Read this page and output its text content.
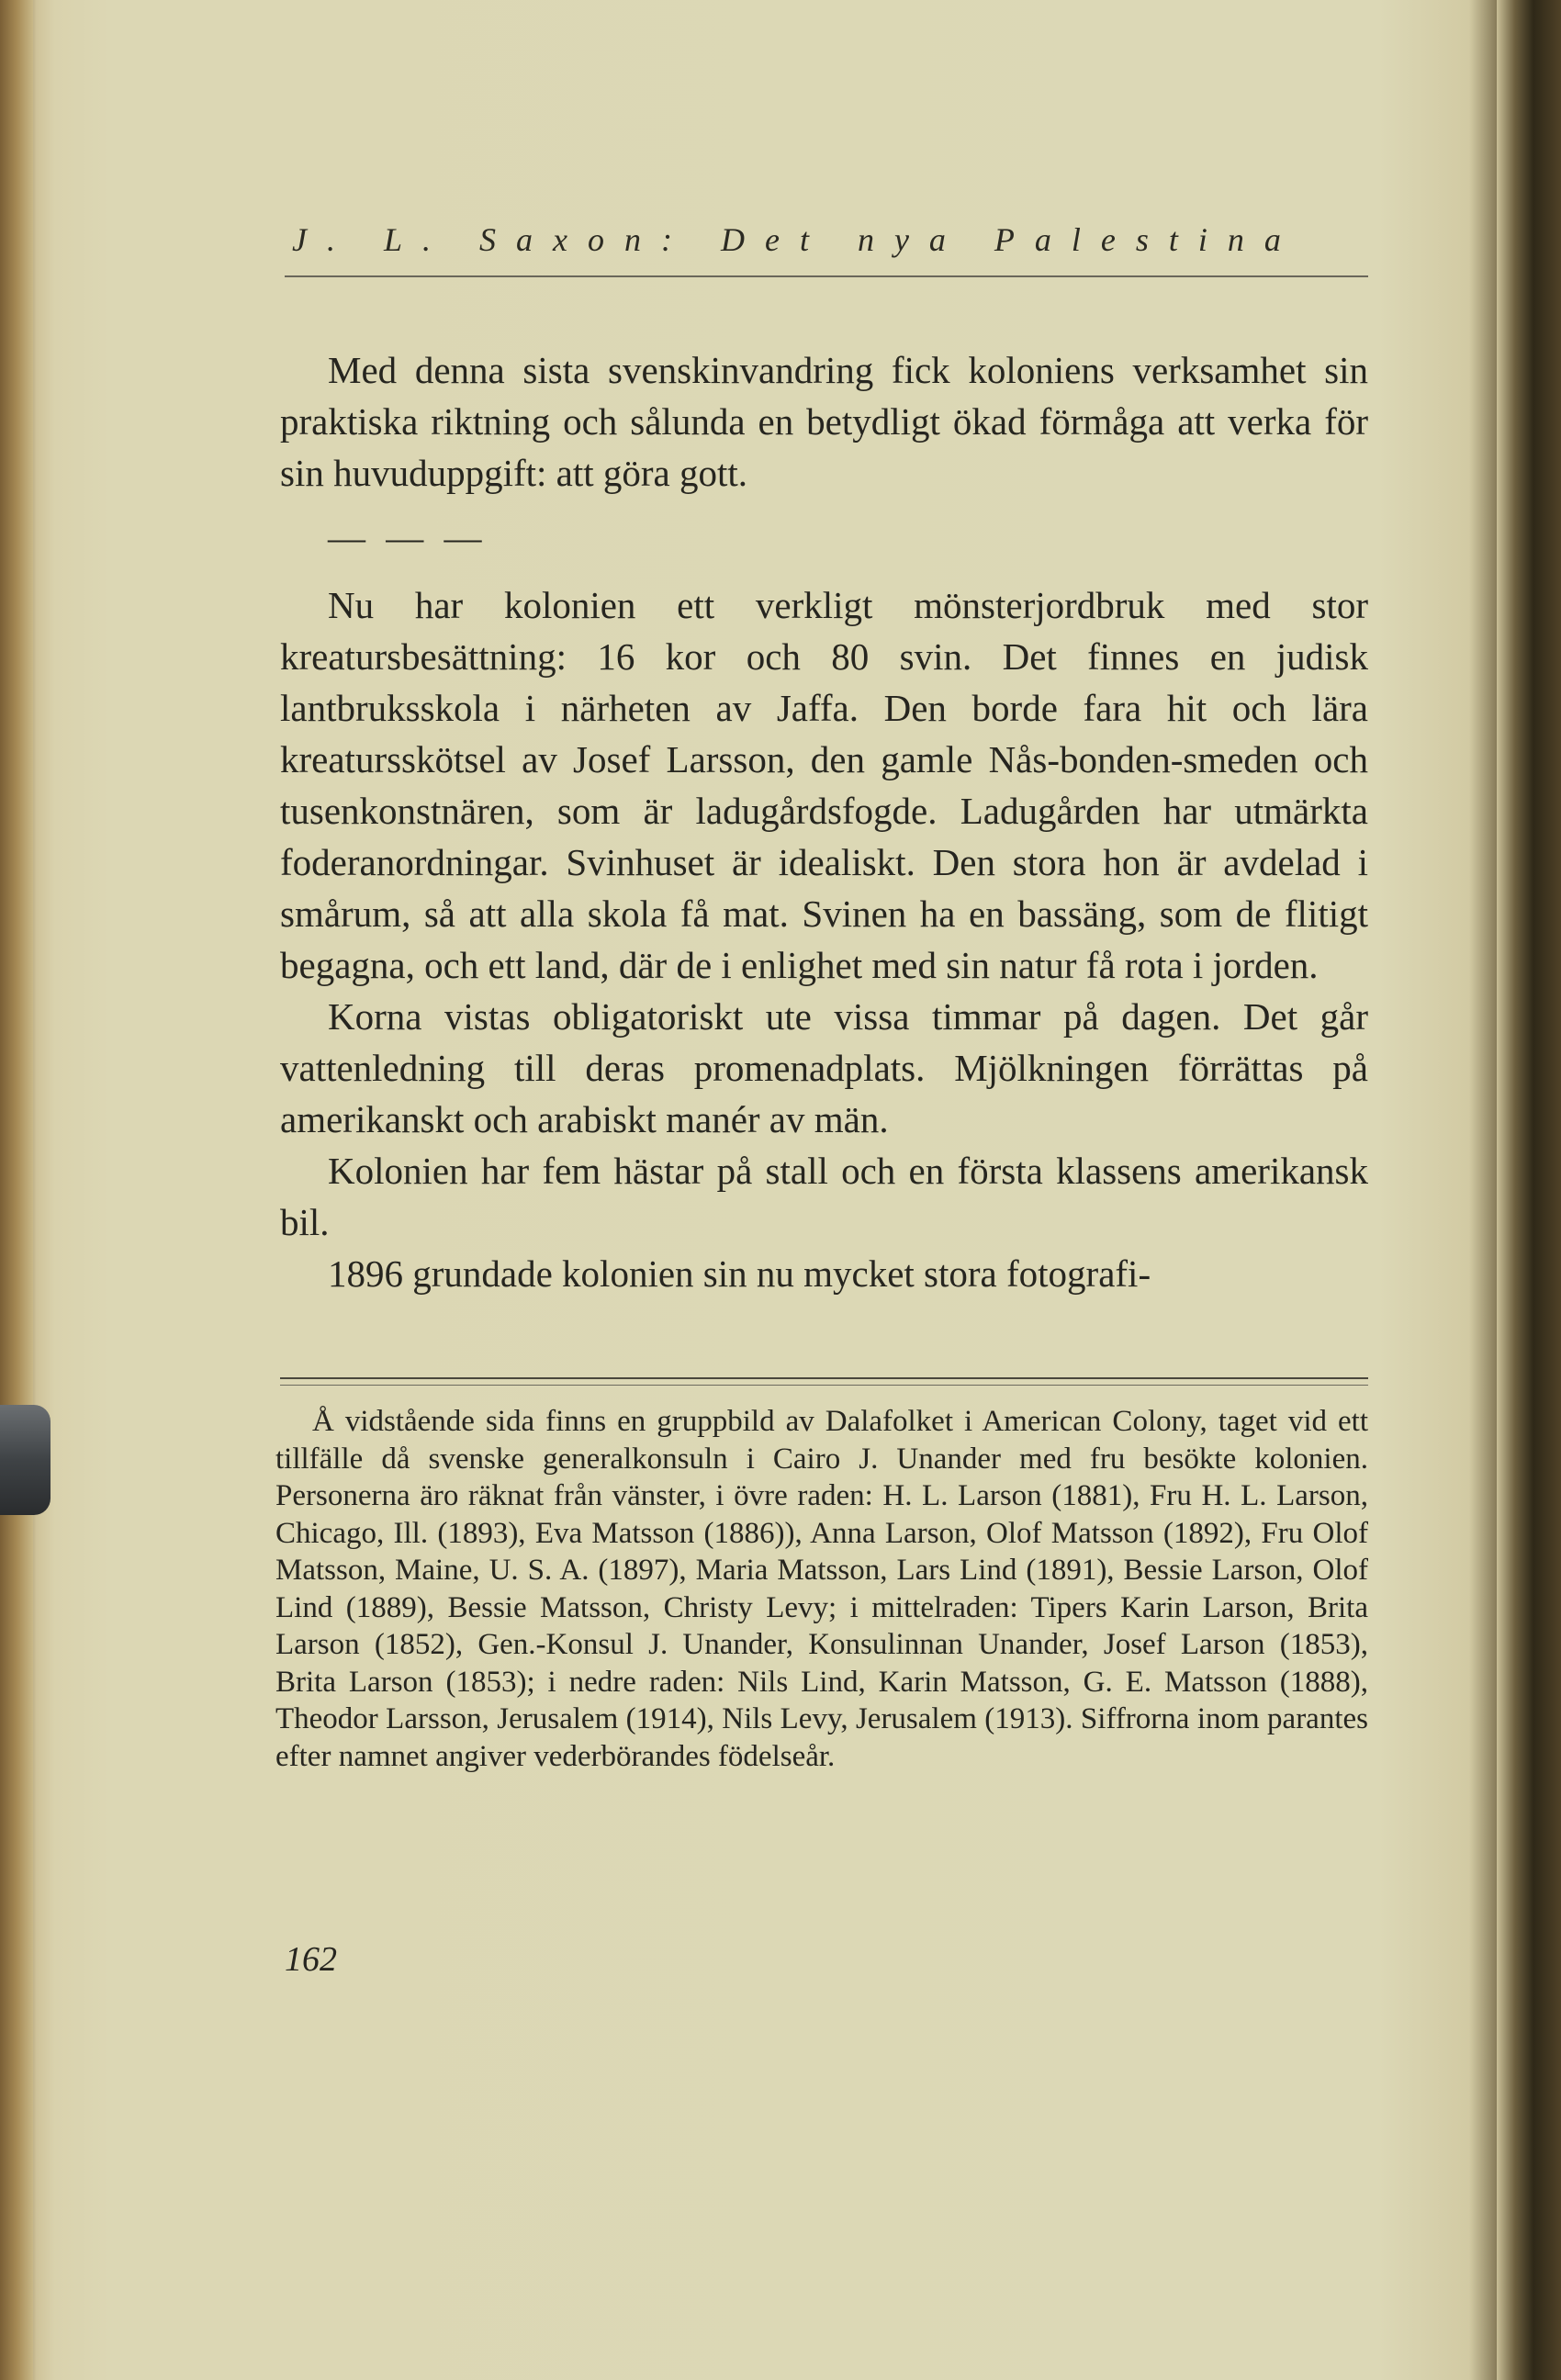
J. L. Saxon: Det nya Palestina

Med denna sista svenskinvandring fick koloniens verksamhet sin praktiska riktning och sålunda en betydligt ökad förmåga att verka för sin huvuduppgift: att göra gott.

— — —

Nu har kolonien ett verkligt mönsterjordbruk med stor kreatursbesättning: 16 kor och 80 svin. Det finnes en judisk lantbruksskola i närheten av Jaffa. Den borde fara hit och lära kreatursskötsel av Josef Larsson, den gamle Nås-bonden-smeden och tusenkonstnären, som är ladugårdsfogde. Ladugården har utmärkta foderanordningar. Svinhuset är idealiskt. Den stora hon är avdelad i smårum, så att alla skola få mat. Svinen ha en bassäng, som de flitigt begagna, och ett land, där de i enlighet med sin natur få rota i jorden.

Korna vistas obligatoriskt ute vissa timmar på dagen. Det går vattenledning till deras promenadplats. Mjölkningen förrättas på amerikanskt och arabiskt manér av män.

Kolonien har fem hästar på stall och en första klassens amerikansk bil.

1896 grundade kolonien sin nu mycket stora fotografi-

Å vidstående sida finns en gruppbild av Dalafolket i American Colony, taget vid ett tillfälle då svenske generalkonsuln i Cairo J. Unander med fru besökte kolonien. Personerna äro räknat från vänster, i övre raden: H. L. Larson (1881), Fru H. L. Larson, Chicago, Ill. (1893), Eva Matsson (1886)), Anna Larson, Olof Matsson (1892), Fru Olof Matsson, Maine, U. S. A. (1897), Maria Matsson, Lars Lind (1891), Bessie Larson, Olof Lind (1889), Bessie Matsson, Christy Levy; i mittelraden: Tipers Karin Larson, Brita Larson (1852), Gen.-Konsul J. Unander, Konsulinnan Unander, Josef Larson (1853), Brita Larson (1853); i nedre raden: Nils Lind, Karin Matsson, G. E. Matsson (1888), Theodor Larsson, Jerusalem (1914), Nils Levy, Jerusalem (1913). Siffrorna inom parantes efter namnet angiver vederbörandes födelseår.
162
